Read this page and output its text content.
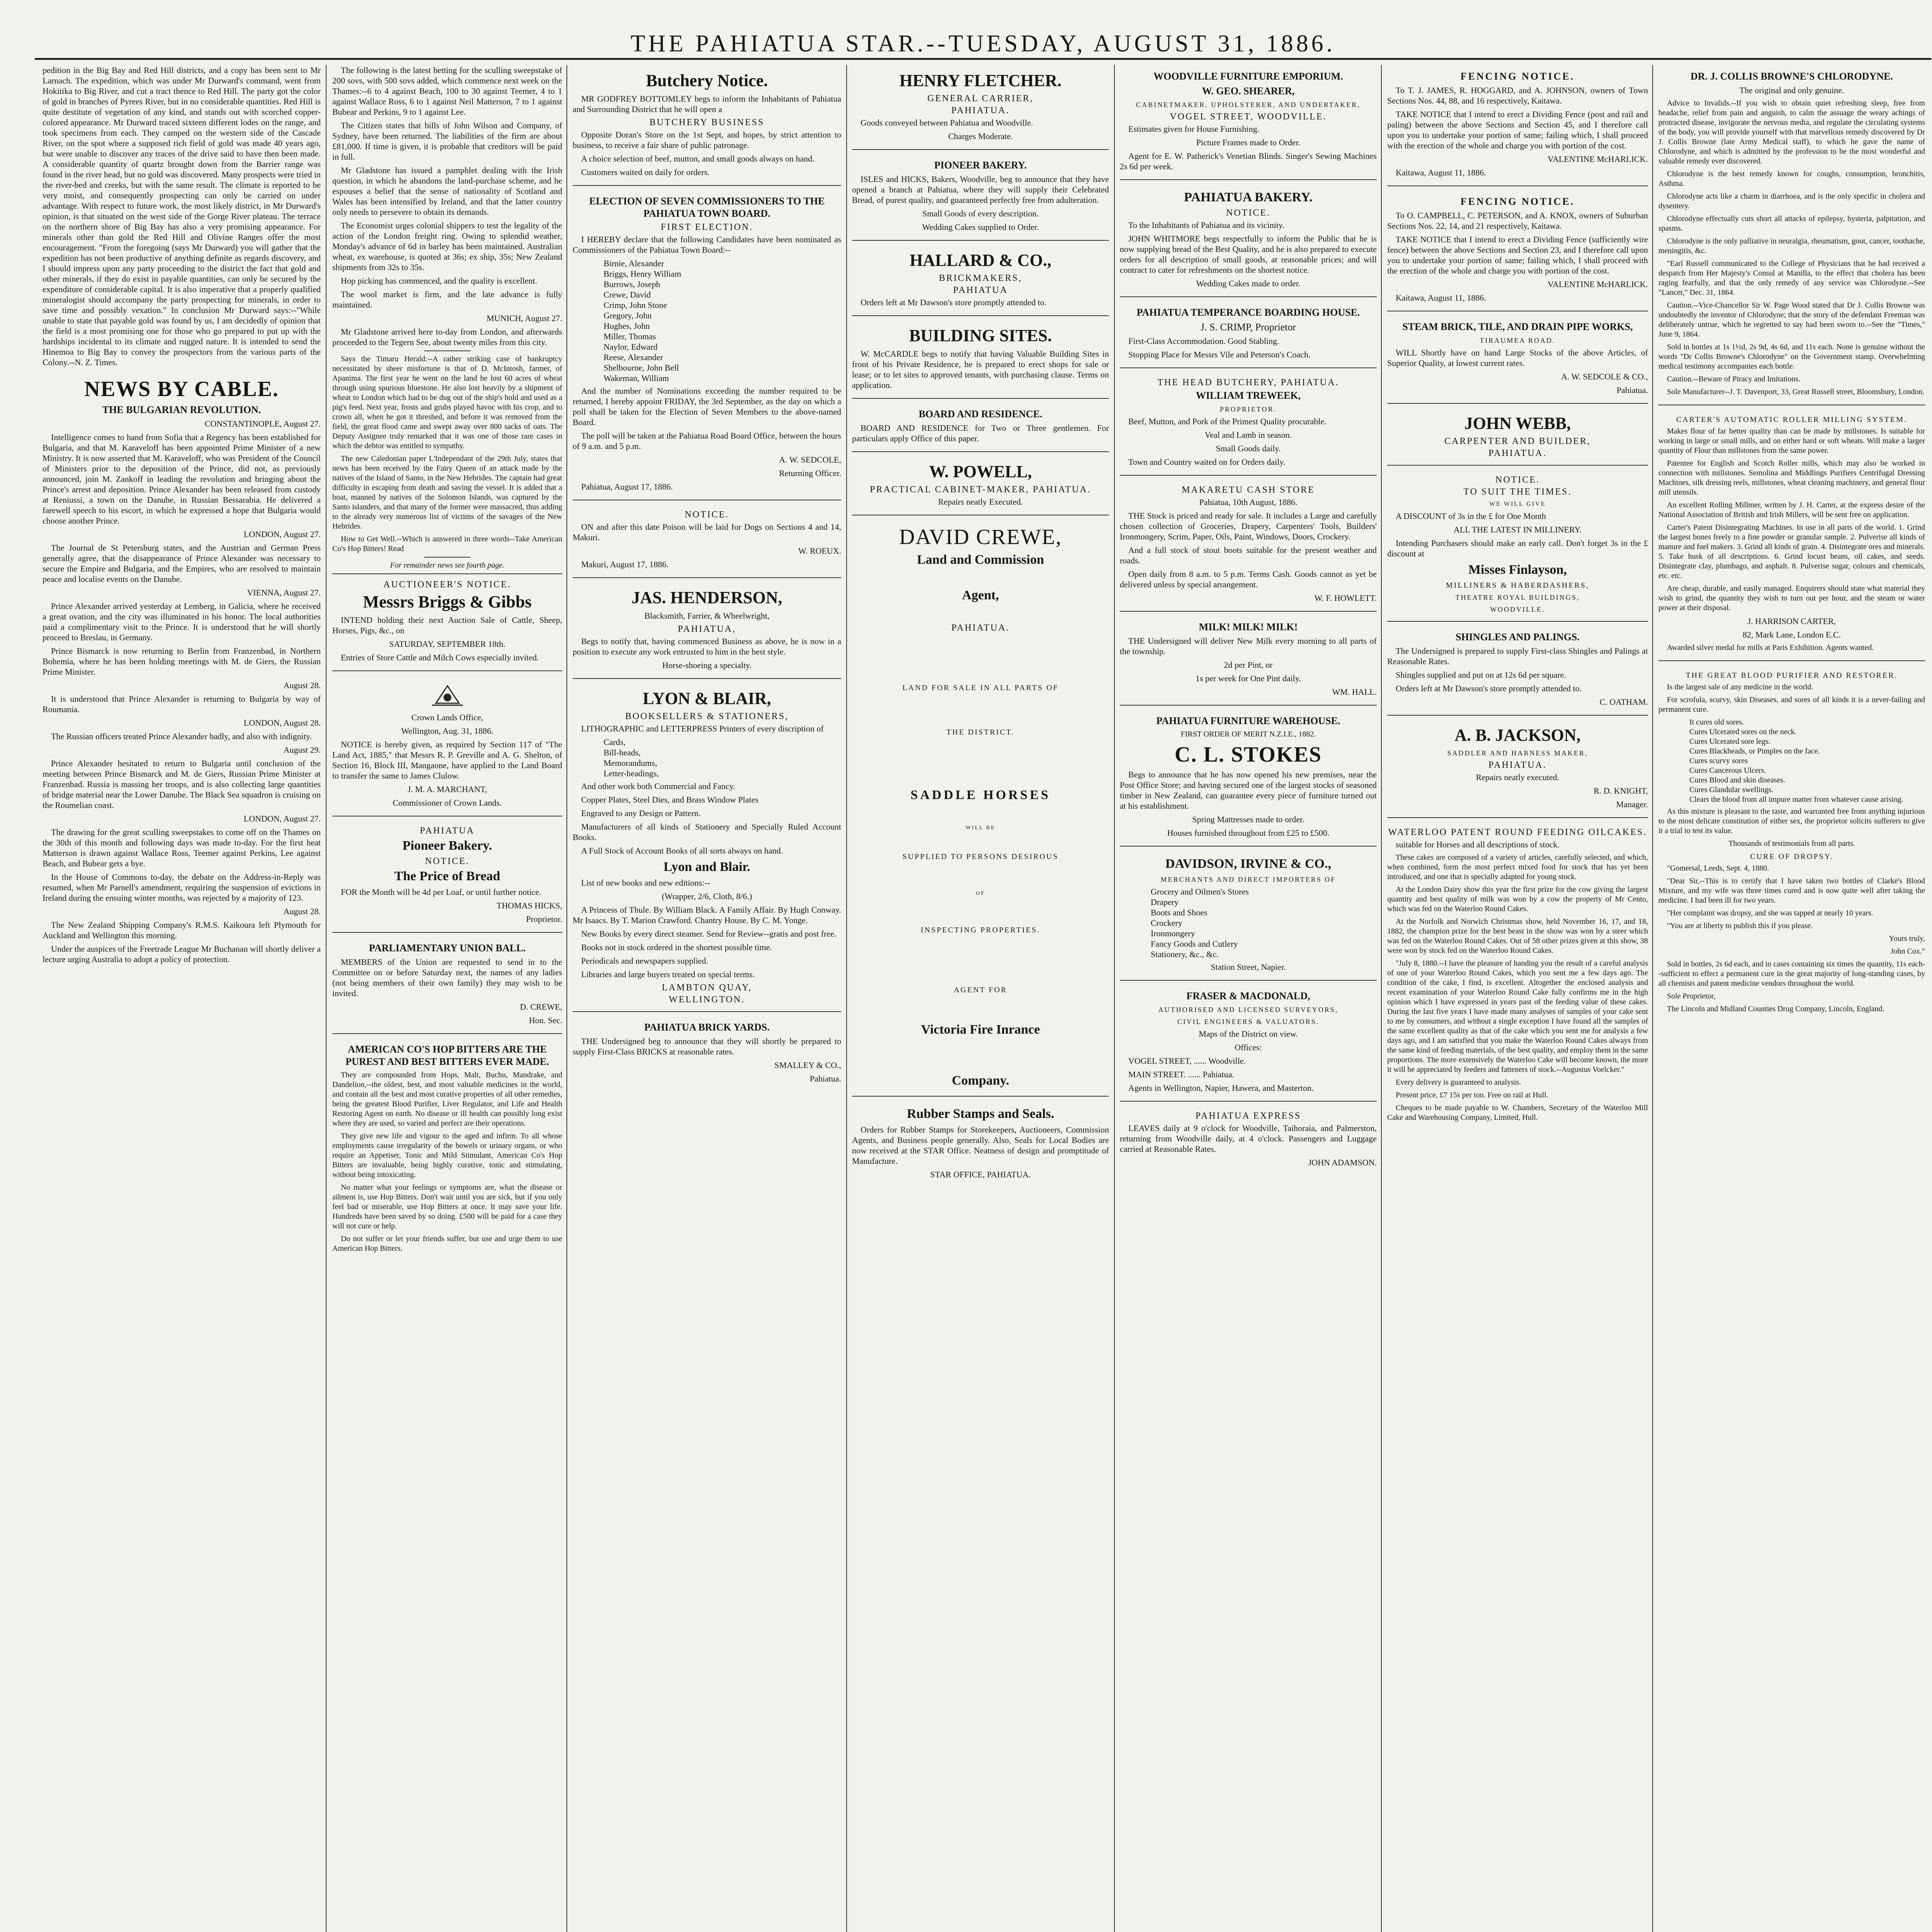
THE PAHIATUA STAR.--TUESDAY, AUGUST 31, 1886.

pedition in the Big Bay and Red Hill districts, and a copy has been sent to Mr Larnach. The expedition, which was under Mr Durward's command, went from Hokitika to Big River, and cut a tract thence to Red Hill. The party got the color of gold in branches of Pyrees River, but in no considerable quantities. Red Hill is quite destitute of vegetation of any kind, and stands out with scorched copper-colored appearance. Mr Durward traced sixteen different lodes on the range, and took specimens from each. They camped on the western side of the Cascade River, on the spot where a supposed rich field of gold was made 40 years ago, but were unable to discover any traces of the drive said to have then been made. A considerable quantity of quartz brought down from the Barrier range was found in the river head, but no gold was discovered. Many prospects were tried in the river-bed and creeks, but with the same result. The climate is reported to be very moist, and consequently prospecting can only be carried on under advantage. With respect to future work, the most likely district, in Mr Durward's opinion, is that situated on the west side of the Gorge River plateau. The terrace on the northern shore of Big Bay has also a very promising appearance. For minerals other than gold the Red Hill and Olivine Ranges offer the most encouragement. "From the foregoing (says Mr Durward) you will gather that the expedition has not been productive of anything definite as regards discovery, and I should impress upon any party proceeding to the district the fact that gold and other minerals, if they do exist in payable quantities, can only be secured by the expenditure of considerable capital. It is also imperative that a properly qualified mineralogist should accompany the party prospecting for minerals, in order to save time and possibly vexation." In conclusion Mr Durward says:--"While unable to state that payable gold was found by us, I am decidedly of opinion that the field is a most promising one for those who go prepared to put up with the hardships incidental to its climate and rugged nature. It is intended to send the Hinemoa to Big Bay to convey the prospectors from the various parts of the Colony.--N. Z. Times.

NEWS BY CABLE.
THE BULGARIAN REVOLUTION.

CONSTANTINOPLE, August 27.

Intelligence comes to hand from Sofia that a Regency has been established for Bulgaria, and that M. Karaveloff has been appointed Prime Minister of a new Ministry. It is now asserted that M. Karaveloff, who was President of the Council of Ministers prior to the deposition of the Prince, did not, as previously announced, join M. Zankoff in leading the revolution and bringing about the Prince's arrest and deposition. Prince Alexander has been released from custody at Reniussi, a town on the Danube, in Russian Bessarabia. He delivered a farewell speech to his escort, in which he expressed a hope that Bulgaria would choose another Prince.

LONDON, August 27.

The Journal de St Petersburg states, and the Austrian and German Press generally agree, that the disappearance of Prince Alexander was necessary to secure the Empire and Bulgaria, and the Empires, who are resolved to maintain peace and localise events on the Danube.

VIENNA, August 27.

Prince Alexander arrived yesterday at Lemberg, in Galicia, where he received a great ovation, and the city was illuminated in his honor. The local authorities paid a complimentary visit to the Prince. It is understood that he will shortly proceed to Breslau, in Germany.

Prince Bismarck is now returning to Berlin from Franzenbad, in Northern Bohemia, where he has been holding meetings with M. de Giers, the Russian Prime Minister.

August 28.

It is understood that Prince Alexander is returning to Bulgaria by way of Roumania.

LONDON, August 28.

The Russian officers treated Prince Alexander badly, and also with indignity.

August 29.

Prince Alexander hesitated to return to Bulgaria until conclusion of the meeting between Prince Bismarck and M. de Giers, Russian Prime Minister at Franzenbad. Russia is massing her troops, and is also collecting large quantities of bridge material near the Lower Danube. The Black Sea squadron is cruising on the Roumelian coast.

LONDON, August 27.

The drawing for the great sculling sweepstakes to come off on the Thames on the 30th of this month and following days was made to-day. For the first heat Matterson is drawn against Wallace Ross, Teemer against Perkins, Lee against Beach, and Bubear gets a bye.

In the House of Commons to-day, the debate on the Address-in-Reply was resumed, when Mr Parnell's amendment, requiring the suspension of evictions in Ireland during the ensuing winter months, was rejected by a majority of 123.

August 28.

The New Zealand Shipping Company's R.M.S. Kaikoura left Plymouth for Auckland and Wellington this morning.

Under the auspices of the Freetrade League Mr Buchanan will shortly deliver a lecture urging Australia to adopt a policy of protection.

The following is the latest betting for the sculling sweepstake of 200 sovs, with 500 sovs added, which commence next week on the Thames:--6 to 4 against Beach, 100 to 30 against Teemer, 4 to 1 against Wallace Ross, 6 to 1 against Neil Matterson, 7 to 1 against Bubear and Perkins, 9 to 1 against Lee.

The Citizen states that bills of John Wilson and Company, of Sydney, have been returned. The liabilities of the firm are about £81,000. If time is given, it is probable that creditors will be paid in full.

Mr Gladstone has issued a pamphlet dealing with the Irish question, in which he abandons the land-purchase scheme, and he espouses a belief that the sense of nationality of Scotland and Wales has been intensified by Ireland, and that the latter country only needs to persevere to obtain its demands.

The Economist urges colonial shippers to test the legality of the action of the London freight ring. Owing to splendid weather, Monday's advance of 6d in barley has been maintained. Australian wheat, ex warehouse, is quoted at 36s; ex ship, 35s; New Zealand shipments from 32s to 35s.

Hop picking has commenced, and the quality is excellent.

The wool market is firm, and the late advance is fully maintained.

MUNICH, August 27.

Mr Gladstone arrived here to-day from London, and afterwards proceeded to the Tegern See, about twenty miles from this city.

Says the Timaru Herald:--A rather striking case of bankruptcy necessitated by sheer misfortune is that of D. McIntosh, farmer, of Apanima. The first year he went on the land he lost 60 acres of wheat through using spurious bluestone. He also lost heavily by a shipment of wheat to London which had to be dug out of the ship's hold and used as a pig's feed. Next year, frosts and grubs played havoc with his crop, and to crown all, when he got it threshed, and before it was removed from the field, the great flood came and swept away over 800 sacks of oats. The Deputy Assignee truly remarked that it was one of those rare cases in which the debtor was entitled to sympathy.

The new Caledonian paper L'Independant of the 29th July, states that news has been received by the Fairy Queen of an attack made by the natives of the Island of Santo, in the New Hebrides. The captain had great difficulty in escaping from death and saving the vessel. It is added that a boat, manned by natives of the Solomon Islands, was captured by the Santo islanders, and that many of the former were massacred, thus adding to the already very numerous list of victims of the savages of the New Hebrides.

How to Get Well.--Which is answered in three words--Take American Co's Hop Bitters! Read

For remainder news see fourth page.

AUCTIONEER'S NOTICE.
Messrs Briggs & Gibbs

INTEND holding their next Auction Sale of Cattle, Sheep, Horses, Pigs, &c., on

SATURDAY, SEPTEMBER 18th.

Entries of Store Cattle and Milch Cows especially invited.

Crown Lands Office,

Wellington, Aug. 31, 1886.

NOTICE is hereby given, as required by Section 117 of "The Land Act, 1885," that Messrs R. P. Greville and A. G. Shelton, of Section 16, Block III, Mangaone, have applied to the Land Board to transfer the same to James Clulow.

J. M. A. MARCHANT,

Commissioner of Crown Lands.

PAHIATUA
Pioneer Bakery.
NOTICE.
The Price of Bread

FOR the Month will be 4d per Loaf, or until further notice.

THOMAS HICKS,

Proprietor.

PARLIAMENTARY UNION BALL.

MEMBERS of the Union are requested to send in to the Committee on or before Saturday next, the names of any ladies (not being members of their own family) they may wish to be invited.

D. CREWE,

Hon. Sec.

AMERICAN CO'S HOP BITTERS ARE THE PUREST AND BEST BITTERS EVER MADE.

They are compounded from Hops, Malt, Buchu, Mandrake, and Dandelion,--the oldest, best, and most valuable medicines in the world, and contain all the best and most curative properties of all other remedies, being the greatest Blood Purifier, Liver Regulator, and Life and Health Restoring Agent on earth. No disease or ill health can possibly long exist where they are used, so varied and perfect are their operations.

They give new life and vigour to the aged and infirm. To all whose employments cause irregularity of the bowels or urinary organs, or who require an Appetiser, Tonic and Mild Stimulant, American Co's Hop Bitters are invaluable, being highly curative, tonic and stimulating, without being intoxicating.

No matter what your feelings or symptoms are, what the disease or ailment is, use Hop Bitters. Don't wait until you are sick, but if you only feel bad or miserable, use Hop Bitters at once. It may save your life. Hundreds have been saved by so doing. £500 will be paid for a case they will not cure or help.

Do not suffer or let your friends suffer, but use and urge them to use American Hop Bitters.

Butchery Notice.

MR GODFREY BOTTOMLEY begs to inform the Inhabitants of Pahiatua and Surrounding District that he will open a

BUTCHERY BUSINESS

Opposite Doran's Store on the 1st Sept, and hopes, by strict attention to business, to receive a fair share of public patronage.

A choice selection of beef, mutton, and small goods always on hand.

Customers waited on daily for orders.

ELECTION OF SEVEN COMMISSIONERS TO THE PAHIATUA TOWN BOARD.
FIRST ELECTION.

I HEREBY declare that the following Candidates have been nominated as Commissioners of the Pahiatua Town Board:--

Birnie, Alexander
Briggs, Henry William
Burrows, Joseph
Crewe, David
Crimp, John Stone
Gregory, John
Hughes, John
Miller, Thomas
Naylor, Edward
Reese, Alexander
Shelbourne, John Bell
Wakeman, William

And the number of Nominations exceeding the number required to be returned, I hereby appoint FRIDAY, the 3rd September, as the day on which a poll shall be taken for the Election of Seven Members to the above-named Board.

The poll will be taken at the Pahiatua Road Board Office, between the hours of 9 a.m. and 5 p.m.

A. W. SEDCOLE,

Returning Officer.

Pahiatua, August 17, 1886.

NOTICE.

ON and after this date Poison will be laid for Dogs on Sections 4 and 14, Makuri.

W. ROEUX.

Makuri, August 17, 1886.

JAS. HENDERSON,

Blacksmith, Farrier, & Wheelwright,

PAHIATUA,

Begs to notify that, having commenced Business as above, he is now in a position to execute any work entrusted to him in the best style.

Horse-shoeing a specialty.

LYON & BLAIR,
BOOKSELLERS & STATIONERS,

LITHOGRAPHIC and LETTERPRESS Printers of every discription of

Cards,
Bill-heads,
Memorandums,
Letter-headings,

And other work both Commercial and Fancy.

Copper Plates, Steel Dies, and Brass Window Plates

Engraved to any Design or Pattern.

Manufacturers of all kinds of Stationery and Specially Ruled Account Books.

A Full Stock of Account Books of all sorts always on hand.

Lyon and Blair.

List of new books and new editions:--

(Wrapper, 2/6, Cloth, 8/6.)

A Princess of Thule. By William Black. A Family Affair. By Hugh Conway. Mr Isaacs. By T. Marion Crawford. Chantry House. By C. M. Yonge.

New Books by every direct steamer. Send for Review--gratis and post free.

Books not in stock ordered in the shortest possible time.

Periodicals and newspapers supplied.

Libraries and large buyers treated on special terms.

LAMBTON QUAY,
WELLINGTON.
PAHIATUA BRICK YARDS.

THE Undersigned beg to announce that they will shortly be prepared to supply First-Class BRICKS at reasonable rates.

SMALLEY & CO.,

Pahiatua.

HENRY FLETCHER.
GENERAL CARRIER,
PAHIATUA.

Goods conveyed between Pahiatua and Woodville.

Charges Moderate.

PIONEER BAKERY.

ISLES and HICKS, Bakers, Woodville, beg to announce that they have opened a branch at Pahiatua, where they will supply their Celebrated Bread, of purest quality, and guaranteed perfectly free from adulteration.

Small Goods of every description.

Wedding Cakes supplied to Order.

HALLARD & CO.,
BRICKMAKERS,
PAHIATUA

Orders left at Mr Dawson's store promptly attended to.

BUILDING SITES.

W. McCARDLE begs to notify that having Valuable Building Sites in front of his Private Residence, he is prepared to erect shops for sale or lease; or to let sites to approved tenants, with purchasing clause. Terms on application.

BOARD AND RESIDENCE.

BOARD AND RESIDENCE for Two or Three gentlemen. For particulars apply Office of this paper.

W. POWELL,
PRACTICAL CABINET-MAKER, PAHIATUA.

Repairs neatly Executed.

DAVID CREWE,
Land and Commission
Agent,
PAHIATUA.
LAND FOR SALE IN ALL PARTS OF
THE DISTRICT.
SADDLE HORSES
WILL BE
SUPPLIED TO PERSONS DESIROUS
OF
INSPECTING PROPERTIES.
AGENT FOR
Victoria Fire Inrance
Company.
Rubber Stamps and Seals.

Orders for Rubber Stamps for Storekeepers, Auctioneers, Commission Agents, and Business people generally. Also, Seals for Local Bodies are now received at the STAR Office. Neatness of design and promptitude of Manufacture.

STAR OFFICE, PAHIATUA.

WOODVILLE FURNITURE EMPORIUM.
W. GEO. SHEARER,
CABINETMAKER, UPHOLSTERER, AND UNDERTAKER,
VOGEL STREET, WOODVILLE.

Estimates given for House Furnishing.

Picture Frames made to Order.

Agent for E. W. Patherick's Venetian Blinds. Singer's Sewing Machines 2s 6d per week.

PAHIATUA BAKERY.
NOTICE.

To the Inhabitants of Pahiatua and its vicinity.

JOHN WHITMORE begs respectfully to inform the Public that he is now supplying bread of the Best Quality, and he is also prepared to execute orders for all description of small goods, at reasonable prices; and will contract to cater for refreshments on the shortest notice.

Wedding Cakes made to order.

PAHIATUA TEMPERANCE BOARDING HOUSE.
J. S. CRIMP, Proprietor

First-Class Accommodation. Good Stabling.

Stopping Place for Messrs Vile and Peterson's Coach.

THE HEAD BUTCHERY, PAHIATUA.
WILLIAM TREWEEK,
PROPRIETOR.

Beef, Mutton, and Pork of the Primest Quality procurable.

Veal and Lamb in season.

Small Goods daily.

Town and Country waited on for Orders daily.

MAKARETU CASH STORE

Pahiatua, 10th August, 1886.

THE Stock is priced and ready for sale. It includes a Large and carefully chosen collection of Groceries, Drapery, Carpenters' Tools, Builders' Ironmongery, Scrim, Paper, Oils, Paint, Windows, Doors, Crockery.

And a full stock of stout boots suitable for the present weather and roads.

Open daily from 8 a.m. to 5 p.m. Terms Cash. Goods cannot as yet be delivered unless by special arrangement.

W. F. HOWLETT.

MILK! MILK! MILK!

THE Undersigned will deliver New Milk every morning to all parts of the township.

2d per Pint, or

1s per week for One Pint daily.

WM. HALL.

PAHIATUA FURNITURE WAREHOUSE.

FIRST ORDER OF MERIT N.Z.I.E., 1882.

C. L. STOKES

Begs to announce that he has now opened his new premises, near the Post Office Store; and having secured one of the largest stocks of seasoned timber in New Zealand, can guarantee every piece of furniture turned out at his establishment.

Spring Mattresses made to order.

Houses furnished throughout from £25 to £500.

DAVIDSON, IRVINE & CO.,
MERCHANTS AND DIRECT IMPORTERS OF
Grocery and Oilmen's Stores
Drapery
Boots and Shoes
Crockery
Ironmongery
Fancy Goods and Cutlery
Stationery, &c., &c.

Station Street, Napier.

FRASER & MACDONALD,
AUTHORISED AND LICENSED SURVEYORS,
CIVIL ENGINEERS & VALUATORS.

Maps of the District on view.

Offices:

VOGEL STREET, ...... Woodville.

MAIN STREET. ...... Pahiatua.

Agents in Wellington, Napier, Hawera, and Masterton.

PAHIATUA EXPRESS

LEAVES daily at 9 o'clock for Woodville, Taihoraia, and Palmerston, returning from Woodville daily, at 4 o'clock. Passengers and Luggage carried at Reasonable Rates.

JOHN ADAMSON.

FENCING NOTICE.

To T. J. JAMES, R. HOGGARD, and A. JOHNSON, owners of Town Sections Nos. 44, 88, and 16 respectively, Kaitawa.

TAKE NOTICE that I intend to erect a Dividing Fence (post and rail and paling) between the above Sections and Section 45, and I therefore call upon you to undertake your portion of same; failing which, I shall proceed with the erection of the whole and charge you with portion of the cost.

VALENTINE McHARLICK.

Kaitawa, August 11, 1886.

FENCING NOTICE.

To O. CAMPBELL, C. PETERSON, and A. KNOX, owners of Suburban Sections Nos. 22, 14, and 21 respectively, Kaitawa.

TAKE NOTICE that I intend to erect a Dividing Fence (sufficiently wire fence) between the above Sections and Section 23, and I therefore call upon you to undertake your portion of same; failing which, I shall proceed with the erection of the whole and charge you with portion of the cost.

VALENTINE McHARLICK.

Kaitawa, August 11, 1886.

STEAM BRICK, TILE, AND DRAIN PIPE WORKS,
TIRAUMEA ROAD.

WILL Shortly have on hand Large Stocks of the above Articles, of Superior Quality, at lowest current rates.

A. W. SEDCOLE & CO.,

Pahiatua.

JOHN WEBB,
CARPENTER AND BUILDER,
PAHIATUA.
NOTICE.
TO SUIT THE TIMES.
WE WILL GIVE

A DISCOUNT of 3s in the £ for One Month

ALL THE LATEST IN MILLINERY.

Intending Purchasers should make an early call. Don't forget 3s in the £ discount at

Misses Finlayson,
MILLINERS & HABERDASHERS,
THEATRE ROYAL BUILDINGS,
WOODVILLE.
SHINGLES AND PALINGS.

The Undersigned is prepared to supply First-class Shingles and Palings at Reasonable Rates.

Shingles supplied and put on at 12s 6d per square.

Orders left at Mr Dawson's store promptly attended to.

C. OATHAM.

A. B. JACKSON,
SADDLER AND HARNESS MAKER,
PAHIATUA.

Repairs neatly executed.

R. D. KNIGHT,

Manager.

WATERLOO PATENT ROUND FEEDING OILCAKES.

suitable for Horses and all descriptions of stock.

These cakes are composed of a variety of articles, carefully selected, and which, when combined, form the most perfect mixed food for stock that has yet been introduced, and one that is specially adapted for young stock.

At the London Dairy show this year the first prize for the cow giving the largest quantity and best quality of milk was won by a cow the property of Mr Cento, which was fed on the Waterloo Round Cakes.

At the Norfolk and Norwich Christmas show, held November 16, 17, and 18, 1882, the champion prize for the best beast in the show was won by a steer which was fed on the Waterloo Round Cakes. Out of 58 other prizes given at this show, 38 were won by stock fed on the Waterloo Round Cakes.

"July 8, 1880.--I have the pleasure of handing you the result of a careful analysis of one of your Waterloo Round Cakes, which you sent me a few days ago. The condition of the cake, I find, is excellent. Altogether the enclosed analysis and recent examination of your Waterloo Round Cake fully confirms me in the high opinion which I have expressed in years past of the feeding value of these cakes. During the last five years I have made many analyses of samples of your cake sent to me by consumers, and without a single exception I have found all the samples of the same excellent quality as that of the cake which you sent me for analysis a few days ago, and I am satisfied that you make the Waterloo Round Cakes always from the same kind of feeding materials, of the best quality, and employ them in the same proportions. The more extensively the Waterloo Cake will become known, the more it will be appreciated by feeders and fatteners of stock.--Augustus Voelcker."

Every delivery is guaranteed to analysis.

Present price, £7 15s per ton. Free on rail at Hull.

Cheques to be made payable to W. Chambers, Secretary of the Waterloo Mill Cake and Warehousing Company, Limited, Hull.

DR. J. COLLIS BROWNE'S CHLORODYNE.

The original and only genuine.

Advice to Invalids.--If you wish to obtain quiet refreshing sleep, free from headache, relief from pain and anguish, to calm the assuage the weary achings of protracted disease, invigorate the nervous media, and regulate the circulating systems of the body, you will provide yourself with that marvellous remedy discovered by Dr J. Collis Browne (late Army Medical staff), to which he gave the name of Chlorodyne, and which is admitted by the profession to be the most wonderful and valuable remedy ever discovered.

Chlorodyne is the best remedy known for coughs, consumption, bronchitis, Asthma.

Chlorodyne acts like a charm in diarrhoea, and is the only specific in cholera and dysentery.

Chlorodyne effectually cuts short all attacks of epilepsy, hysteria, palpitation, and spasms.

Chlorodyne is the only palliative in neuralgia, rheumatism, gout, cancer, toothache, meningitis, &c.

"Earl Russell communicated to the College of Physicians that he had received a despatch from Her Majesty's Consul at Manilla, to the effect that cholera has been raging fearfully, and that the only remedy of any service was Chlorodyne.--See "Lancet," Dec. 31, 1864.

Caution.--Vice-Chancellor Sir W. Page Wood stated that Dr J. Collis Browne was undoubtedly the inventor of Chlorodyne; that the story of the defendant Freeman was deliberately untrue, which he regretted to say had been sworn to.--See the "Times," June 9, 1864.

Sold in bottles at 1s 1½d, 2s 9d, 4s 6d, and 11s each. None is genuine without the words "Dr Collis Browne's Chlorodyne" on the Government stamp. Overwhelming medical testimony accompanies each bottle.

Caution.--Beware of Piracy and Imitations.

Sole Manufacturer--J. T. Davenport, 33, Great Russell street, Bloomsbury, London.

CARTER'S AUTOMATIC ROLLER MILLING SYSTEM.

Makes flour of far better quality than can be made by millstones. Is suitable for working in large or small mills, and on either hard or soft wheats. Will make a larger quantity of Flour than millstones from the same power.

Patentee for English and Scotch Roller mills, which may also be worked in connection with millstones. Semolina and Middlings Purifiers Centrifugal Dressing Machines, silk dressing reels, millstones, wheat cleaning machinery, and general flour mill utensils.

An excellent Rolling Millmer, written by J. H. Carter, at the express desire of the National Association of British and Irish Millers, will be sent free on application.

Carter's Patent Disintegrating Machines. In use in all parts of the world. 1. Grind the largest bones freely to a fine powder or granular sample. 2. Pulverise all kinds of manure and fuel makers. 3. Grind all kinds of grain. 4. Disintegrate ores and minerals. 5. Take husk of all descriptions. 6. Grind locust beans, oil cakes, and seeds. Disintegrate clay, plumbago, and asphalt. 8. Pulverise sugar, colours and chemicals, etc. etc.

Are cheap, durable, and easily managed. Enquirers should state what material they wish to grind, the quantity they wish to turn out per hour, and the steam or water power at their disposal.

J. HARRISON CARTER,

82, Mark Lane, London E.C.

Awarded silver medal for mills at Paris Exhibition. Agents wanted.

THE GREAT BLOOD PURIFIER AND RESTORER.

Is the largest sale of any medicine in the world.

For scrofula, scurvy, skin Diseases, and sores of all kinds it is a never-failing and permanent cure.

It cures old sores.
Cures Ulcerated sores on the neck.
Cures Ulcerated sore legs.
Cures Blackheads, or Pimples on the face.
Cures scurvy sores
Cures Cancerous Ulcers.
Cures Blood and skin diseases.
Cures Glandular swellings.
Clears the blood from all impure matter from whatever cause arising.

As this mixture is pleasant to the taste, and warranted free from anything injurious to the most delicate constitution of either sex, the proprietor solicits sufferers to give it a trial to test its value.

Thousands of testimonials from all parts.

CURE OF DROPSY.

"Gomersal, Leeds, Sept. 4, 1880.

"Dear Sir,--This is to certify that I have taken two bottles of Clarke's Blood Mixture, and my wife was three times cured and is now quite well after taking the medicine. I had been ill for two years.

"Her complaint was dropsy, and she was tapped at nearly 10 years.

"You are at liberty to publish this if you please.

Yours truly,

John Cox."

Sold in bottles, 2s 6d each, and in cases containing six times the quantity, 11s each--sufficient to effect a permanent cure in the great majority of long-standing cases, by all chemists and patent medicine vendors throughout the world.

Sole Proprietor,

The Lincoln and Midland Counties Drug Company, Lincoln, England.
